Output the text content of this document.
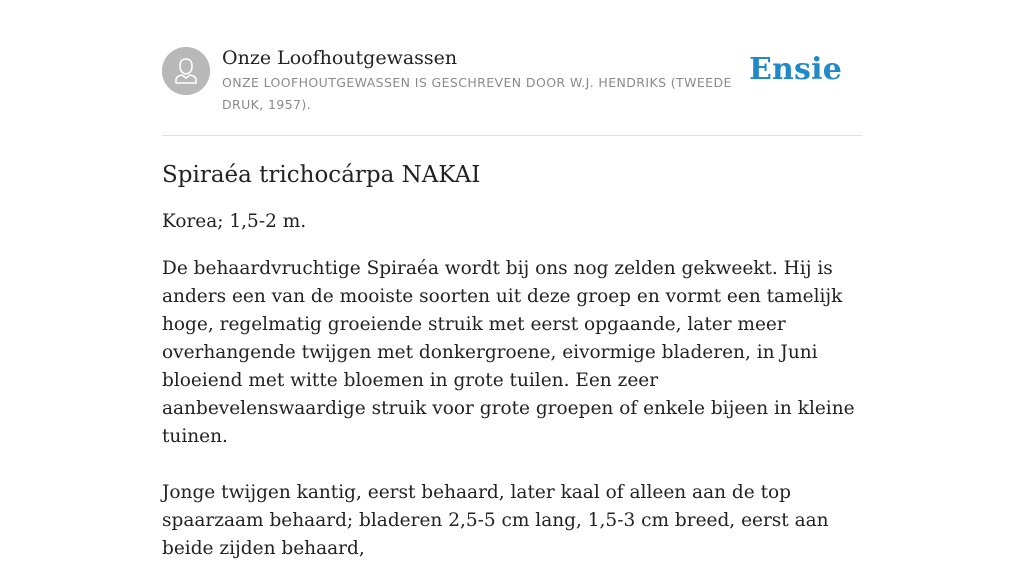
Onze Loofhoutgewassen
ONZE LOOFHOUTGEWASSEN IS GESCHREVEN DOOR W.J. HENDRIKS (TWEEDE DRUK, 1957).
Ensie
Spiraéa trichocárpa NAKAI

Korea; 1,5-2 m.

De behaardvruchtige Spiraéa wordt bij ons nog zelden gekweekt. Hij is anders een van de mooiste soorten uit deze groep en vormt een tamelijk hoge, regelmatig groeiende struik met eerst opgaande, later meer overhangende twijgen met donkergroene, eivormige bladeren, in Juni bloeiend met witte bloemen in grote tuilen. Een zeer aanbevelenswaardige struik voor grote groepen of enkele bijeen in kleine tuinen.

Jonge twijgen kantig, eerst behaard, later kaal of alleen aan de top spaarzaam behaard; bladeren 2,5-5 cm lang, 1,5-3 cm breed, eerst aan beide zijden behaard,
